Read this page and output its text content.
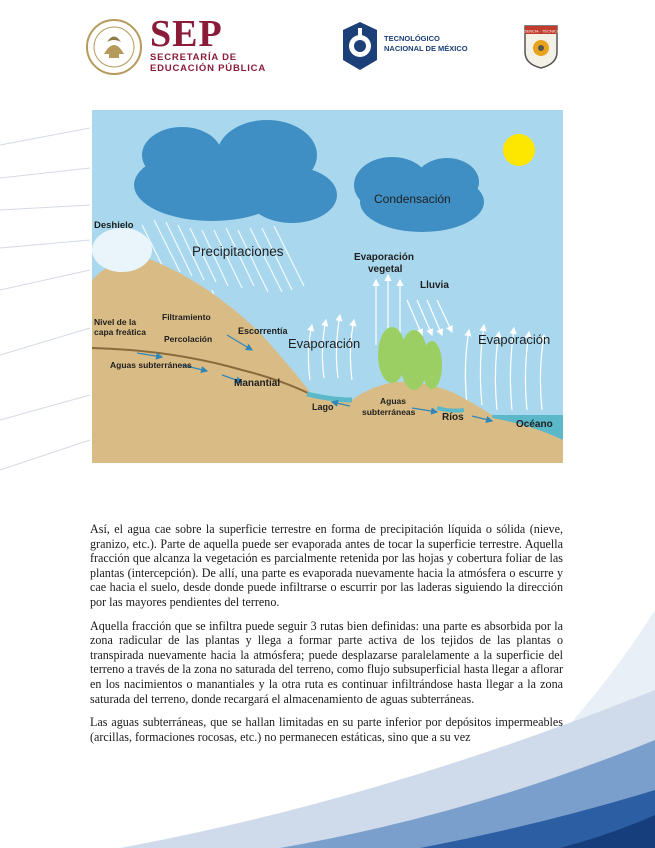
SEP
SECRETARÍA DE
EDUCACIÓN PÚBLICA
TECNOLÓGICO
NACIONAL DE MÉXICO
CIENCIA · TÉCNICA
Deshielo
Precipitaciones
Condensación
Evaporación
vegetal
Lluvia
Nivel de la
capa freática
Filtramiento
Percolación
Escorrentía
Evaporación	Evaporación
Aguas subterráneas
Manantial
Lago
Aguas
subterráneas	Ríos
Océano

Así, el agua cae sobre la superficie terrestre en forma de precipitación líquida o sólida (nieve, granizo, etc.). Parte de aquella puede ser evaporada antes de tocar la superficie terrestre. Aquella fracción que alcanza la vegetación es parcialmente retenida por las hojas y cobertura foliar de las plantas (intercepción). De allí, una parte es evaporada nuevamente hacia la atmósfera o escurre y cae hacia el suelo, desde donde puede infiltrarse o escurrir por las laderas siguiendo la dirección por las mayores pendientes del terreno.

Aquella fracción que se infiltra puede seguir 3 rutas bien definidas: una parte es absorbida por la zona radicular de las plantas y llega a formar parte activa de los tejidos de las plantas o transpirada nuevamente hacia la atmósfera; puede desplazarse paralelamente a la superficie del terreno a través de la zona no saturada del terreno, como flujo subsuperficial hasta llegar a aflorar en los nacimientos o manantiales y la otra ruta es continuar infiltrándose hasta llegar a la zona saturada del terreno, donde recargará el almacenamiento de aguas subterráneas.

Las aguas subterráneas, que se hallan limitadas en su parte inferior por depósitos impermeables (arcillas, formaciones rocosas, etc.) no permanecen estáticas, sino que a su vez
